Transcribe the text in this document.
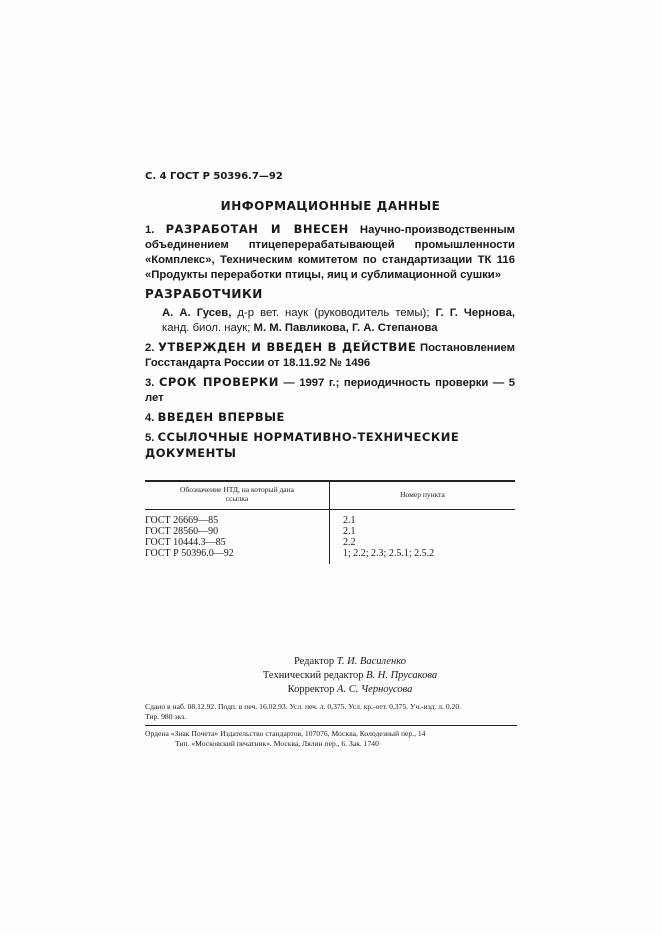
С. 4 ГОСТ Р 50396.7—92
ИНФОРМАЦИОННЫЕ ДАННЫЕ
1. РАЗРАБОТАН И ВНЕСЕН Научно-производственным объединением птицеперерабатывающей промышленности «Комплекс», Техническим комитетом по стандартизации ТК 116 «Продукты переработки птицы, яиц и сублимационной сушки»
РАЗРАБОТЧИКИ
А. А. Гусев, д-р вет. наук (руководитель темы); Г. Г. Чернова, канд. биол. наук; М. М. Павликова, Г. А. Степанова
2. УТВЕРЖДЕН И ВВЕДЕН В ДЕЙСТВИЕ Постановлением Госстандарта России от 18.11.92 № 1496
3. СРОК ПРОВЕРКИ — 1997 г.; периодичность проверки — 5 лет
4. ВВЕДЕН ВПЕРВЫЕ
5. ССЫЛОЧНЫЕ НОРМАТИВНО-ТЕХНИЧЕСКИЕ ДОКУМЕНТЫ
Обозначение НТД, на который дана ссылка	Номер пункта
ГОСТ 26669—85	2.1
ГОСТ 28560—90	2.1
ГОСТ 10444.3—85	2.2
ГОСТ Р 50396.0—92	1; 2.2; 2.3; 2.5.1; 2.5.2
Редактор Т. И. Василенко
Технический редактор В. Н. Прусакова
Корректор А. С. Черноусова
Сдано в наб. 08.12.92. Подп. в печ. 16.02.93. Усл. печ. л. 0,375. Усл. кр.-отт. 0,375. Уч.-изд. л. 0,20.
Тир. 980 экз.
Ордена «Знак Почета» Издательство стандартов, 107076, Москва, Колодезный пер., 14
Тип. «Московский печатник». Москва, Лялин пер., 6. Зак. 1740
